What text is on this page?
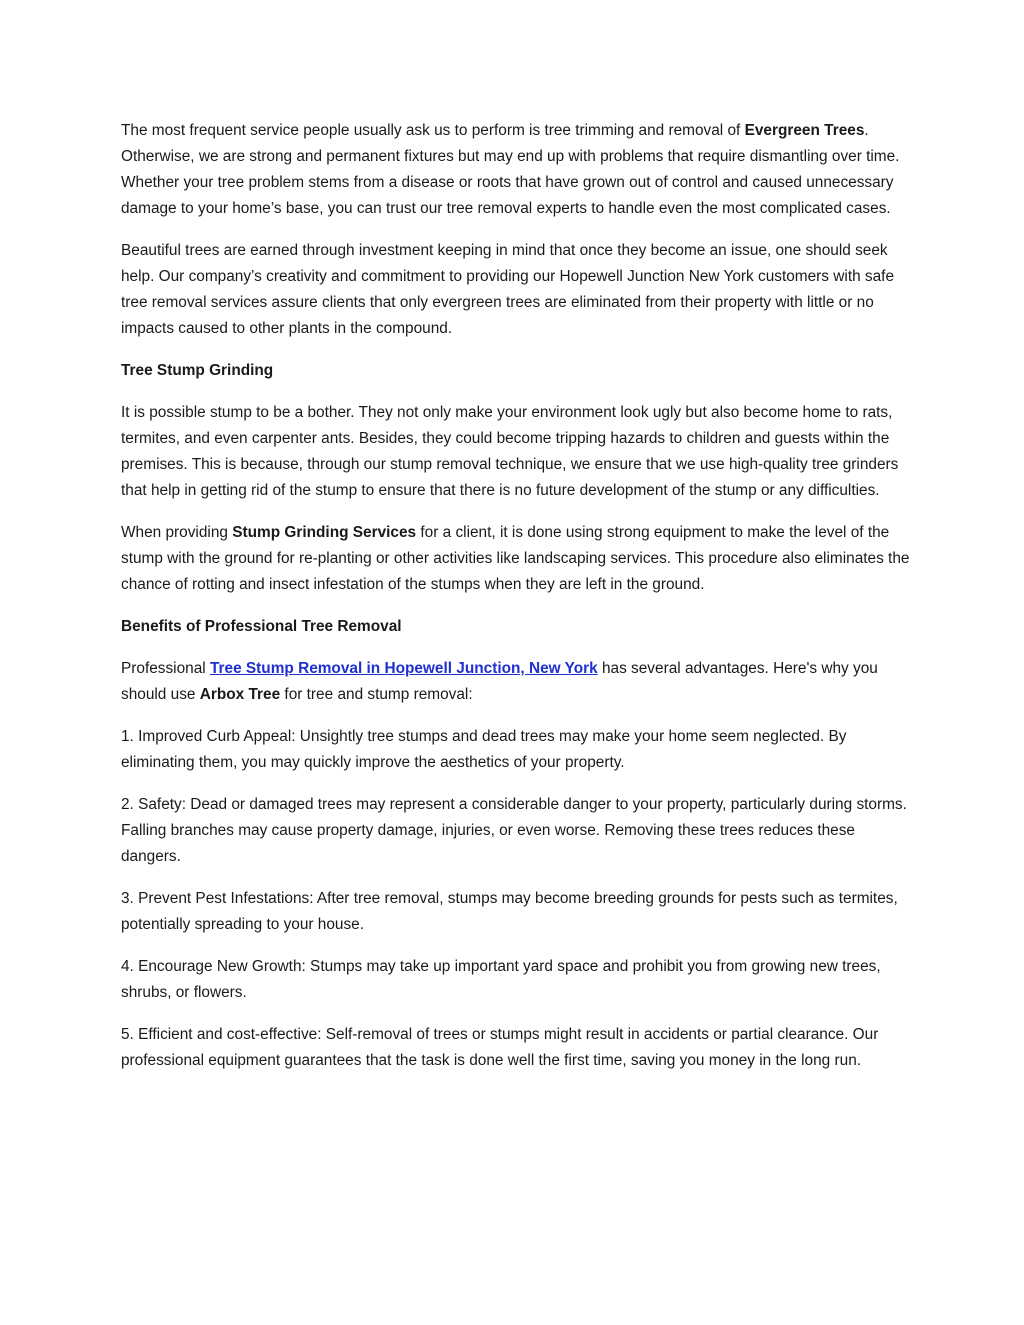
The most frequent service people usually ask us to perform is tree trimming and removal of Evergreen Trees. Otherwise, we are strong and permanent fixtures but may end up with problems that require dismantling over time. Whether your tree problem stems from a disease or roots that have grown out of control and caused unnecessary damage to your home’s base, you can trust our tree removal experts to handle even the most complicated cases.

Beautiful trees are earned through investment keeping in mind that once they become an issue, one should seek help. Our company’s creativity and commitment to providing our Hopewell Junction New York customers with safe tree removal services assure clients that only evergreen trees are eliminated from their property with little or no impacts caused to other plants in the compound.

Tree Stump Grinding

It is possible stump to be a bother. They not only make your environment look ugly but also become home to rats, termites, and even carpenter ants. Besides, they could become tripping hazards to children and guests within the premises. This is because, through our stump removal technique, we ensure that we use high-quality tree grinders that help in getting rid of the stump to ensure that there is no future development of the stump or any difficulties.

When providing Stump Grinding Services for a client, it is done using strong equipment to make the level of the stump with the ground for re-planting or other activities like landscaping services. This procedure also eliminates the chance of rotting and insect infestation of the stumps when they are left in the ground.

Benefits of Professional Tree Removal

Professional Tree Stump Removal in Hopewell Junction, New York has several advantages. Here's why you should use Arbox Tree for tree and stump removal:

1. Improved Curb Appeal: Unsightly tree stumps and dead trees may make your home seem neglected. By eliminating them, you may quickly improve the aesthetics of your property.

2. Safety: Dead or damaged trees may represent a considerable danger to your property, particularly during storms. Falling branches may cause property damage, injuries, or even worse. Removing these trees reduces these dangers.

3. Prevent Pest Infestations: After tree removal, stumps may become breeding grounds for pests such as termites, potentially spreading to your house.

4. Encourage New Growth: Stumps may take up important yard space and prohibit you from growing new trees, shrubs, or flowers.

5. Efficient and cost-effective: Self-removal of trees or stumps might result in accidents or partial clearance. Our professional equipment guarantees that the task is done well the first time, saving you money in the long run.
